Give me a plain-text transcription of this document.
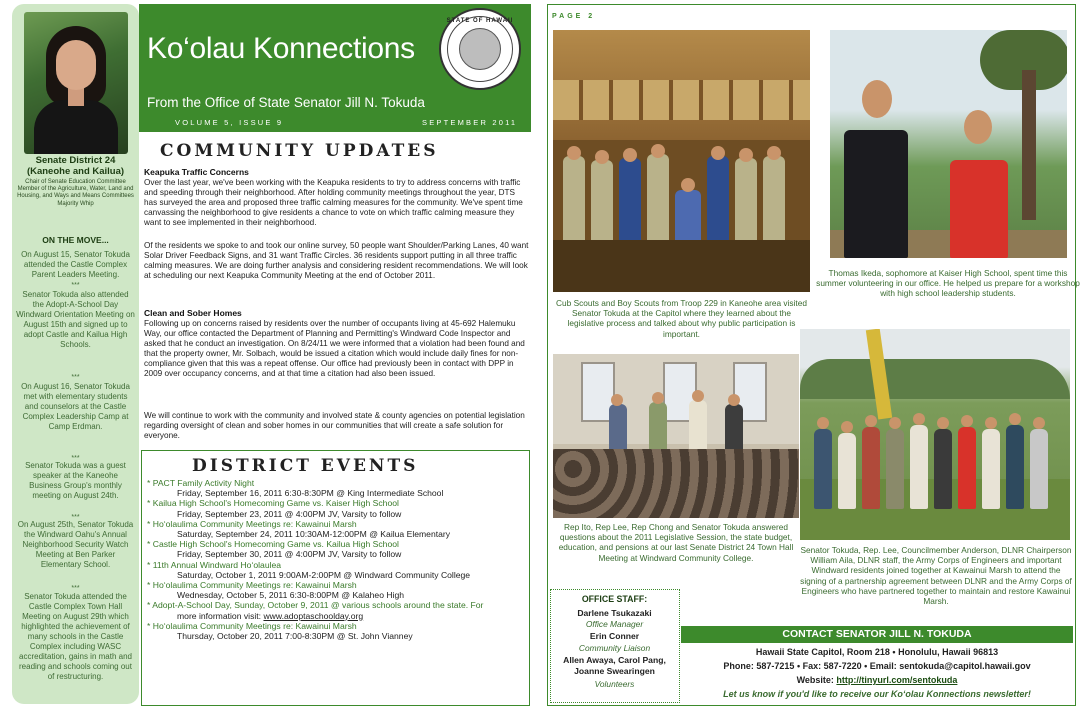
Senate District 24
(Kaneohe and Kailua)
Chair of Senate Education Committee Member of the Agriculture, Water, Land and Housing, and Ways and Means Committees Majority Whip
ON THE MOVE...
On August 15, Senator Tokuda attended the Castle Complex Parent Leaders Meeting.
***
Senator Tokuda also attended the Adopt-A-School Day Windward Orientation Meeting on August 15th and signed up to adopt Castle and Kailua High Schools.
***
On August 16, Senator Tokuda met with elementary students and counselors at the Castle Complex Leadership Camp at Camp Erdman.
***
Senator Tokuda was a guest speaker at the Kaneohe Business Group's monthly meeting on August 24th.
***
On August 25th, Senator Tokuda the Windward Oahu's Annual Neighborhood Security Watch Meeting at Ben Parker Elementary School.
***
Senator Tokuda attended the Castle Complex Town Hall Meeting on August 29th which highlighted the achievement of many schools in the Castle Complex including WASC accreditation, gains in math and reading and schools coming out of restructuring.
Ko‘olau Konnections
From the Office of State Senator Jill N. Tokuda
VOLUME 5, ISSUE 9	SEPTEMBER 2011
STATE OF HAWAII
COMMUNITY UPDATES
Keapuka Traffic Concerns
Over the last year, we've been working with the Keapuka residents to try to address concerns with traffic and speeding through their neighborhood. After holding community meetings throughout the year, DTS has surveyed the area and proposed three traffic calming measures for the community. We've spent time canvassing the neighborhood to give residents a chance to vote on which traffic calming measure they want to see implemented in their neighborhood.
Of the residents we spoke to and took our online survey, 50 people want Shoulder/Parking Lanes, 40 want Solar Driver Feedback Signs, and 31 want Traffic Circles. 36 residents support putting in all three traffic calming measures. We are doing further analysis and considering resident recommendations. We will look at scheduling our next Keapuka Community Meeting at the end of October 2011.
Clean and Sober Homes
Following up on concerns raised by residents over the number of occupants living at 45-692 Halemuku Way, our office contacted the Department of Planning and Permitting's Windward Code Inspector and asked that he conduct an investigation. On 8/24/11 we were informed that a violation had been found and that the property owner, Mr. Solbach, would be issued a citation which would include daily fines for non-compliance given that this was a repeat offense. Our office had previously been in contact with DPP in 2009 over occupancy concerns, and at that time a citation had also been issued.
We will continue to work with the community and involved state & county agencies on potential legislation regarding oversight of clean and sober homes in our communities that will create a safe solution for everyone.
DISTRICT EVENTS
* PACT Family Activity Night
Friday, September 16, 2011 6:30-8:30PM @ King Intermediate School
* Kailua High School's Homecoming Game vs. Kaiser High School
Friday, September 23, 2011 @ 4:00PM JV, Varsity to follow
* Ho‘olaulima Community Meetings re: Kawainui Marsh
Saturday, September 24, 2011 10:30AM-12:00PM @ Kailua Elementary
* Castle High School's Homecoming Game vs. Kailua High School
Friday, September 30, 2011 @ 4:00PM JV, Varsity to follow
* 11th Annual Windward Ho‘olaulea
Saturday, October 1, 2011 9:00AM-2:00PM @ Windward Community College
* Ho‘olaulima Community Meetings re: Kawainui Marsh
Wednesday, October 5, 2011 6:30-8:00PM @ Kalaheo High
* Adopt-A-School Day, Sunday, October 9, 2011 @ various schools around the state. For
more information visit: www.adoptaschoolday.org
* Ho‘olaulima Community Meetings re: Kawainui Marsh
Thursday, October 20, 2011 7:00-8:30PM @ St. John Vianney
PAGE 2
Cub Scouts and Boy Scouts from Troop 229 in Kaneohe area visited Senator Tokuda at the Capitol where they learned about the legislative process and talked about why public participation is important.
Thomas Ikeda, sophomore at Kaiser High School, spent time this summer volunteering in our office. He helped us prepare for a workshop with high school leadership students.
Rep Ito, Rep Lee, Rep Chong and Senator Tokuda answered questions about the 2011 Legislative Session, the state budget, education, and pensions at our last Senate District 24 Town Hall Meeting at Windward Community College.
Senator Tokuda, Rep. Lee, Councilmember Anderson, DLNR Chairperson William Aila, DLNR staff, the Army Corps of Engineers and important Windward residents joined together at Kawainui Marsh to attend the signing of a partnership agreement between DLNR and the Army Corps of Engineers who have partnered together to maintain and restore Kawainui Marsh.
OFFICE STAFF:
Darlene Tsukazaki
Office Manager
Erin Conner
Community Liaison
Allen Awaya, Carol Pang, Joanne Swearingen
Volunteers
CONTACT SENATOR JILL N. TOKUDA
Hawaii State Capitol, Room 218 • Honolulu, Hawaii 96813
Phone: 587-7215 • Fax: 587-7220 • Email: sentokuda@capitol.hawaii.gov
Website: http://tinyurl.com/sentokuda
Let us know if you'd like to receive our Ko‘olau Konnections newsletter!
